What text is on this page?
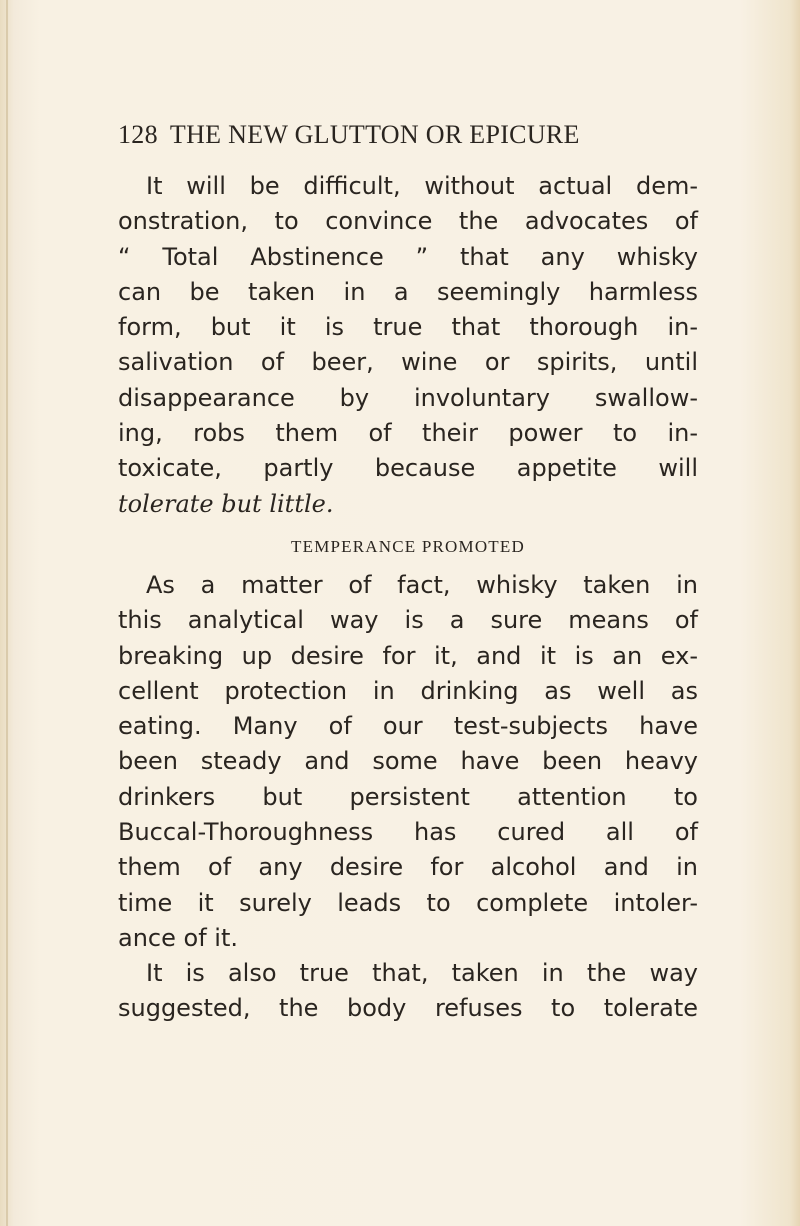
128 THE NEW GLUTTON OR EPICURE
It will be difficult, without actual dem-
onstration, to convince the advocates of
“ Total Abstinence ” that any whisky
can be taken in a seemingly harmless
form, but it is true that thorough in-
salivation of beer, wine or spirits, until
disappearance by involuntary swallow-
ing, robs them of their power to in-
toxicate, partly because appetite will
tolerate but little.
TEMPERANCE PROMOTED
As a matter of fact, whisky taken in
this analytical way is a sure means of
breaking up desire for it, and it is an ex-
cellent protection in drinking as well as
eating. Many of our test-subjects have
been steady and some have been heavy
drinkers but persistent attention to
Buccal-Thoroughness has cured all of
them of any desire for alcohol and in
time it surely leads to complete intoler-
ance of it.
It is also true that, taken in the way
suggested, the body refuses to tolerate
